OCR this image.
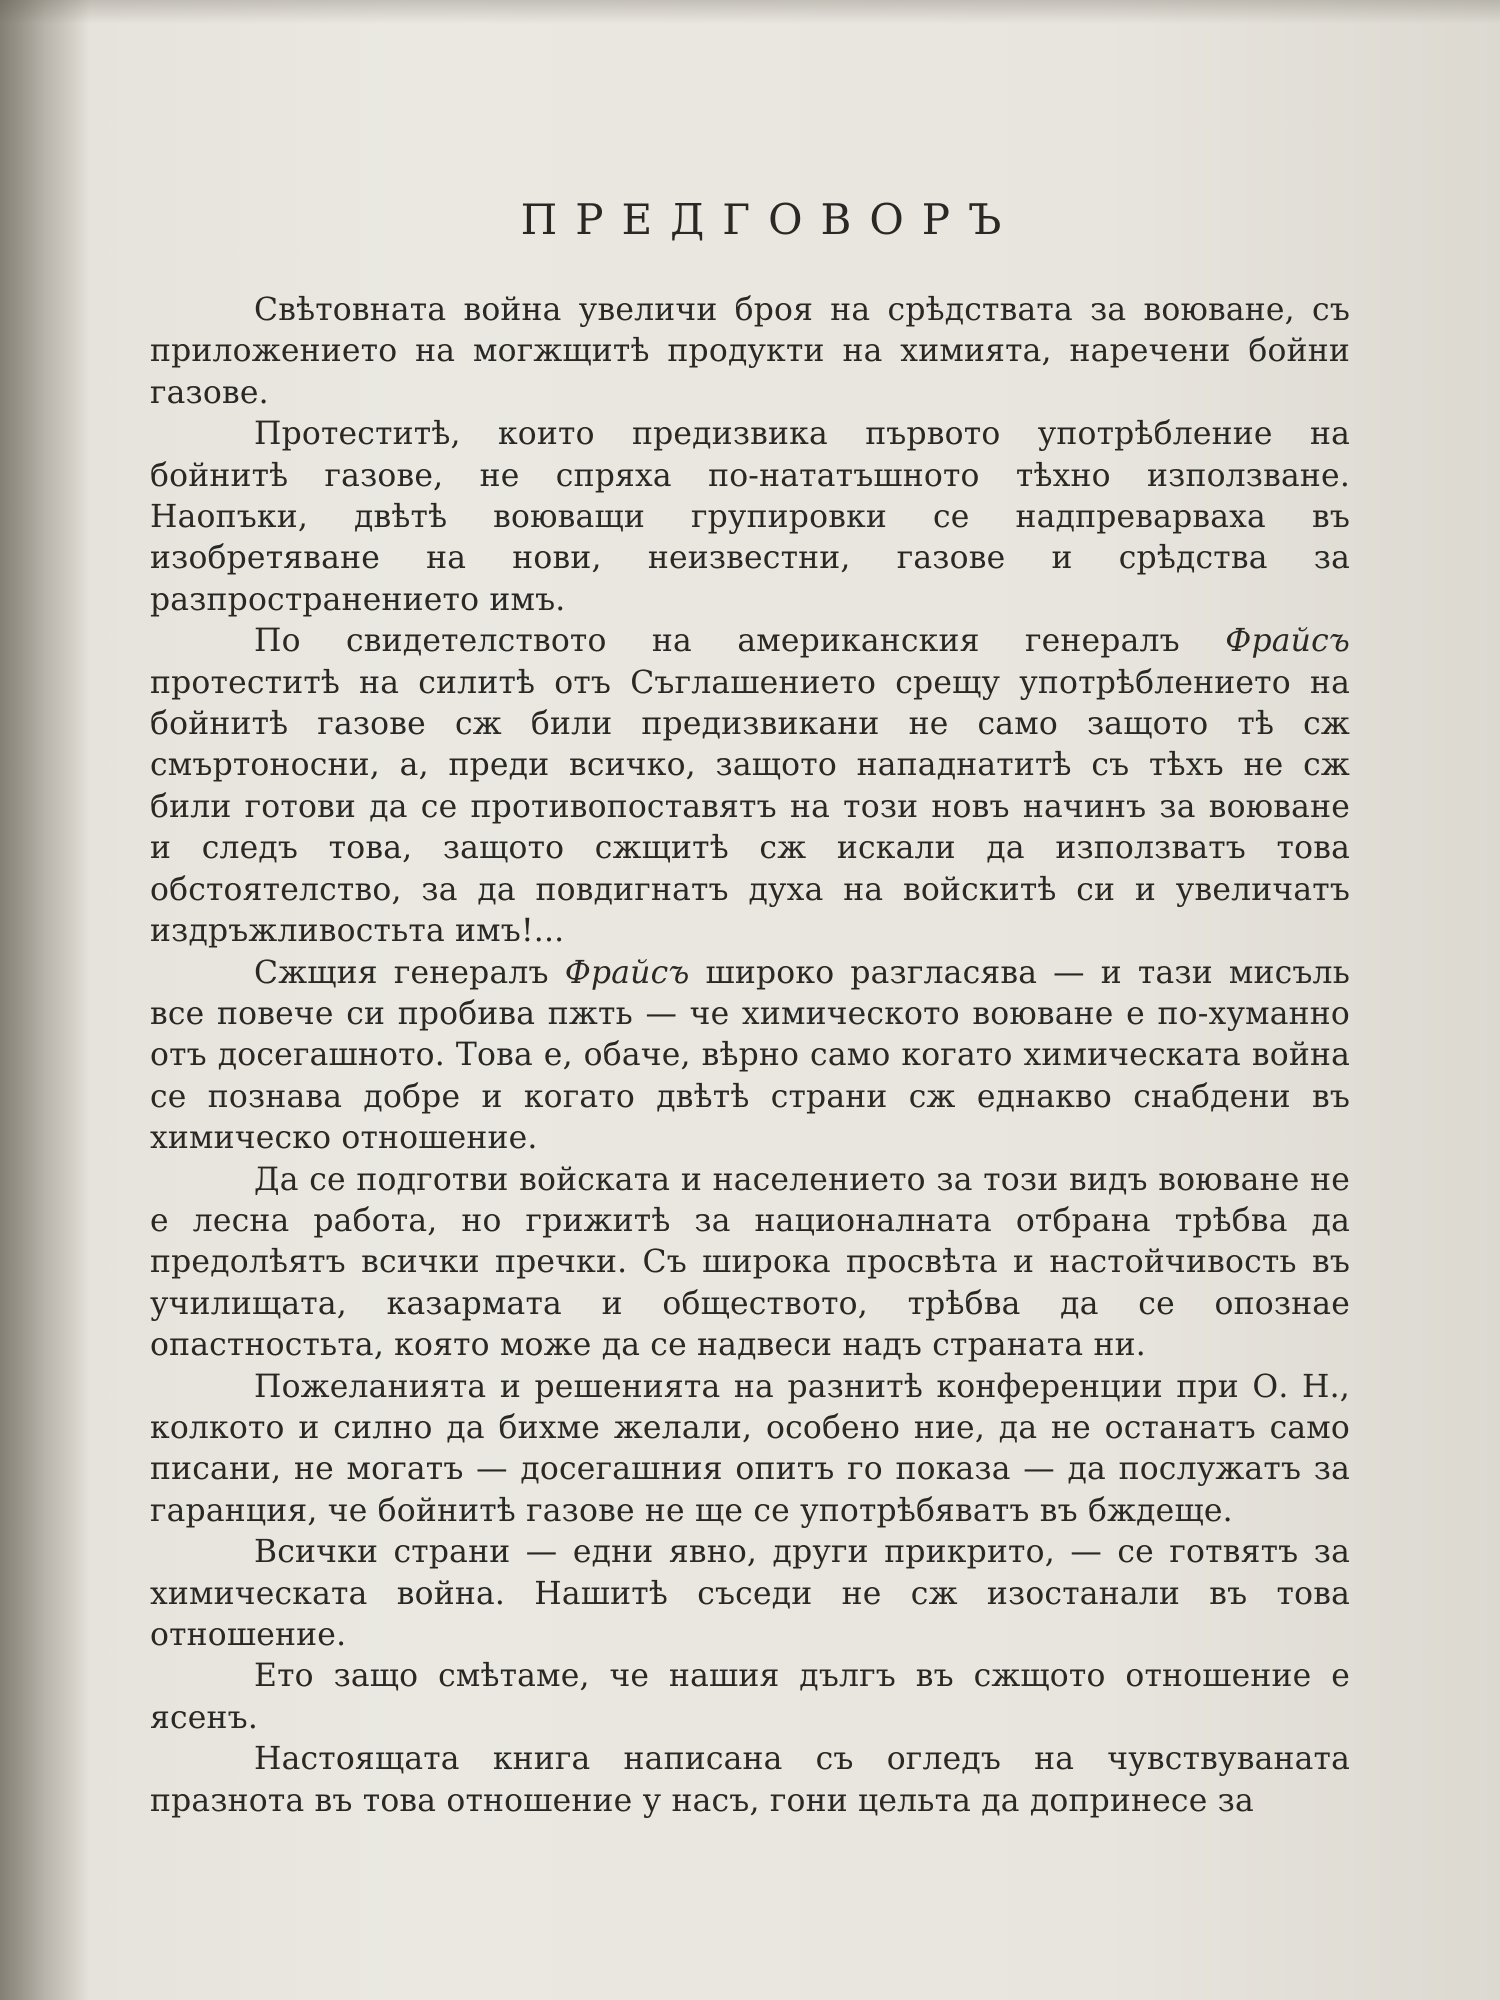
ПРЕДГОВОРЪ

Свѣтовната война увеличи броя на срѣдствата за воюване, съ приложението на могжщитѣ продукти на химията, наречени бойни газове.

Протеститѣ, които предизвика първото употрѣбление на бойнитѣ газове, не спряха по-нататъшното тѣхно използване. Наопъки, двѣтѣ воюващи групировки се надпреварваха въ изобретяване на нови, неизвестни, газове и срѣдства за разпространението имъ.

По свидетелството на американския генералъ Фрайсъ протеститѣ на силитѣ отъ Съглашението срещу употрѣблението на бойнитѣ газове сж били предизвикани не само защото тѣ сж смъртоносни, а, преди всичко, защото нападнатитѣ съ тѣхъ не сж били готови да се противопоставятъ на този новъ начинъ за воюване и следъ това, защото сжщитѣ сж искали да използватъ това обстоятелство, за да повдигнатъ духа на войскитѣ си и увеличатъ издръжливостьта имъ!...

Сжщия генералъ Фрайсъ широко разгласява — и тази мисъль все повече си пробива пжть — че химическото воюване е по-хуманно отъ досегашното. Това е, обаче, вѣрно само когато химическата война се познава добре и когато двѣтѣ страни сж еднакво снабдени въ химическо отношение.

Да се подготви войската и населението за този видъ воюване не е лесна работа, но грижитѣ за националната отбрана трѣбва да предолѣятъ всички пречки. Съ широка просвѣта и настойчивость въ училищата, казармата и обществото, трѣбва да се опознае опастностьта, която може да се надвеси надъ страната ни.

Пожеланията и решенията на разнитѣ конференции при О. Н., колкото и силно да бихме желали, особено ние, да не останатъ само писани, не могатъ — досегашния опитъ го показа — да послужатъ за гаранция, че бойнитѣ газове не ще се употрѣбяватъ въ бждеще.

Всички страни — едни явно, други прикрито, — се готвятъ за химическата война. Нашитѣ съседи не сж изостанали въ това отношение.

Ето защо смѣтаме, че нашия дългъ въ сжщото отношение е ясенъ.

Настоящата книга написана съ огледъ на чувствуваната празнота въ това отношение у насъ, гони цельта да допринесе за
